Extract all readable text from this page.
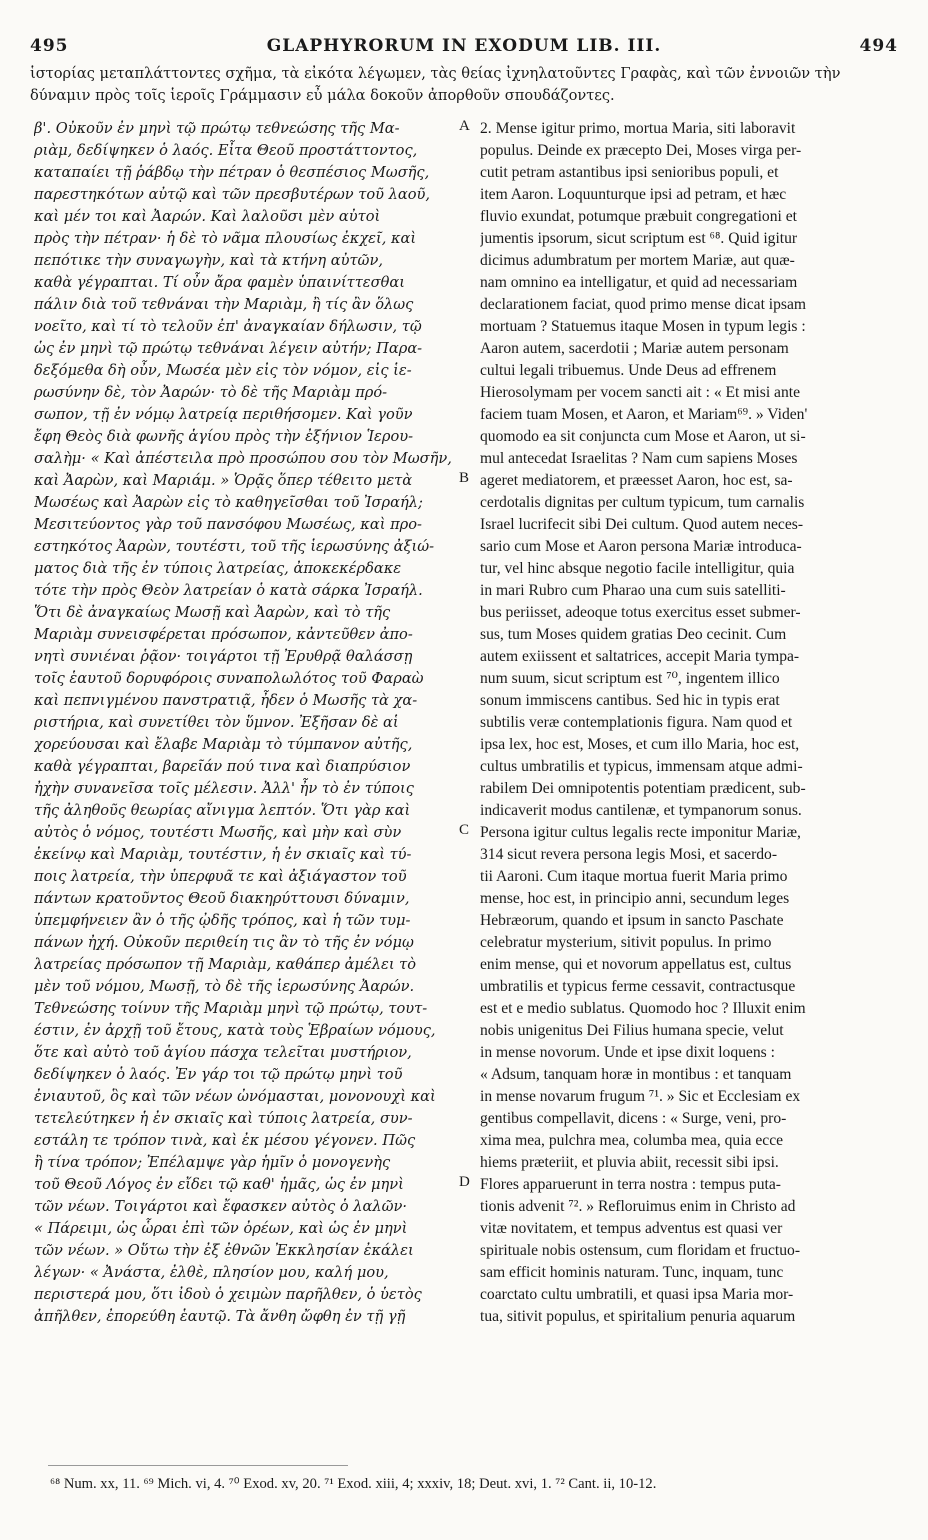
495	GLAPHYRORUM IN EXODUM LIB. III.	494
ἱστορίας μεταπλάττοντες σχῆμα, τὰ εἰκότα λέγωμεν, τὰς θείας ἰχνηλατοῦντες Γραφὰς, καὶ τῶν ἐννοιῶν τὴν
δύναμιν πρὸς τοῖς ἱεροῖς Γράμμασιν εὖ μάλα δοκοῦν ἀπορθοῦν σπουδάζοντες.
β'. Οὐκοῦν ἐν μηνὶ τῷ πρώτῳ τεθνεώσης τῆς Μα-
ριὰμ, δεδίψηκεν ὁ λαός. Εἶτα Θεοῦ προστάττοντος,
καταπαίει τῇ ῥάβδῳ τὴν πέτραν ὁ θεσπέσιος Μωσῆς,
παρεστηκότων αὐτῷ καὶ τῶν πρεσβυτέρων τοῦ λαοῦ,
καὶ μέν τοι καὶ Ἀαρών. Καὶ λαλοῦσι μὲν αὐτοὶ
πρὸς τὴν πέτραν· ἡ δὲ τὸ νᾶμα πλουσίως ἐκχεῖ, καὶ
πεπότικε τὴν συναγωγὴν, καὶ τὰ κτήνη αὐτῶν,
καθὰ γέγραπται. Τί οὖν ἄρα φαμὲν ὑπαινίττεσθαι
πάλιν διὰ τοῦ τεθνάναι τὴν Μαριὰμ, ἢ τίς ἂν ὅλως
νοεῖτο, καὶ τί τὸ τελοῦν ἐπ' ἀναγκαίαν δήλωσιν, τῷ
ὡς ἐν μηνὶ τῷ πρώτῳ τεθνάναι λέγειν αὐτήν; Παρα-
δεξόμεθα δὴ οὖν, Μωσέα μὲν εἰς τὸν νόμον, εἰς ἱε-
ρωσύνην δὲ, τὸν Ἀαρών· τὸ δὲ τῆς Μαριὰμ πρό-
σωπον, τῇ ἐν νόμῳ λατρείᾳ περιθήσομεν. Καὶ γοῦν
ἔφη Θεὸς διὰ φωνῆς ἁγίου πρὸς τὴν ἐξήνιον Ἱερου-
σαλὴμ· « Καὶ ἀπέστειλα πρὸ προσώπου σου τὸν Μωσῆν,
καὶ Ἀαρὼν, καὶ Μαριάμ. » Ὁρᾷς ὅπερ τέθειτο μετὰ
Μωσέως καὶ Ἀαρὼν εἰς τὸ καθηγεῖσθαι τοῦ Ἰσραήλ;
Μεσιτεύοντος γὰρ τοῦ πανσόφου Μωσέως, καὶ προ-
εστηκότος Ἀαρὼν, τουτέστι, τοῦ τῆς ἱερωσύνης ἀξιώ-
ματος διὰ τῆς ἐν τύποις λατρείας, ἀποκεκέρδακε
τότε τὴν πρὸς Θεὸν λατρείαν ὁ κατὰ σάρκα Ἰσραήλ.
Ὅτι δὲ ἀναγκαίως Μωσῇ καὶ Ἀαρὼν, καὶ τὸ τῆς
Μαριὰμ συνεισφέρεται πρόσωπον, κἀντεῦθεν ἀπο-
νητὶ συνιέναι ῥᾷον· τοιγάρτοι τῇ Ἐρυθρᾷ θαλάσσῃ
τοῖς ἑαυτοῦ δορυφόροις συναπολωλότος τοῦ Φαραὼ
καὶ πεπνιγμένου πανστρατιᾷ, ἦδεν ὁ Μωσῆς τὰ χα-
ριστήρια, καὶ συνετίθει τὸν ὕμνον. Ἐξῆσαν δὲ αἱ
χορεύουσαι καὶ ἔλαβε Μαριὰμ τὸ τύμπανον αὐτῆς,
καθὰ γέγραπται, βαρεῖάν πού τινα καὶ διαπρύσιον
ἠχὴν συνανεῖσα τοῖς μέλεσιν. Ἀλλ' ἦν τὸ ἐν τύποις
τῆς ἀληθοῦς θεωρίας αἴνιγμα λεπτόν. Ὅτι γὰρ καὶ
αὐτὸς ὁ νόμος, τουτέστι Μωσῆς, καὶ μὴν καὶ σὺν
ἐκείνῳ καὶ Μαριὰμ, τουτέστιν, ἡ ἐν σκιαῖς καὶ τύ-
ποις λατρεία, τὴν ὑπερφυᾶ τε καὶ ἀξιάγαστον τοῦ
πάντων κρατοῦντος Θεοῦ διακηρύττουσι δύναμιν,
ὑπεμφήνειεν ἂν ὁ τῆς ᾠδῆς τρόπος, καὶ ἡ τῶν τυμ-
πάνων ἠχή. Οὐκοῦν περιθείη τις ἂν τὸ τῆς ἐν νόμῳ
λατρείας πρόσωπον τῇ Μαριὰμ, καθάπερ ἀμέλει τὸ
μὲν τοῦ νόμου, Μωσῇ, τὸ δὲ τῆς ἱερωσύνης Ἀαρών.
Τεθνεώσης τοίνυν τῆς Μαριὰμ μηνὶ τῷ πρώτῳ, τουτ-
έστιν, ἐν ἀρχῇ τοῦ ἔτους, κατὰ τοὺς Ἑβραίων νόμους,
ὅτε καὶ αὐτὸ τοῦ ἁγίου πάσχα τελεῖται μυστήριον,
δεδίψηκεν ὁ λαός. Ἐν γάρ τοι τῷ πρώτῳ μηνὶ τοῦ
ἐνιαυτοῦ, ὃς καὶ τῶν νέων ὠνόμασται, μονονουχὶ καὶ
τετελεύτηκεν ἡ ἐν σκιαῖς καὶ τύποις λατρεία, συν-
εστάλη τε τρόπον τινὰ, καὶ ἐκ μέσου γέγονεν. Πῶς
ἢ τίνα τρόπον; Ἐπέλαμψε γὰρ ἡμῖν ὁ μονογενὴς
τοῦ Θεοῦ Λόγος ἐν εἴδει τῷ καθ' ἡμᾶς, ὡς ἐν μηνὶ
τῶν νέων. Τοιγάρτοι καὶ ἔφασκεν αὐτὸς ὁ λαλῶν·
« Πάρειμι, ὡς ὧραι ἐπὶ τῶν ὀρέων, καὶ ὡς ἐν μηνὶ
τῶν νέων. » Οὕτω τὴν ἐξ ἐθνῶν Ἐκκλησίαν ἐκάλει
λέγων· « Ἀνάστα, ἐλθὲ, πλησίον μου, καλή μου,
περιστερά μου, ὅτι ἰδοὺ ὁ χειμὼν παρῆλθεν, ὁ ὑετὸς
ἀπῆλθεν, ἐπορεύθη ἑαυτῷ. Τὰ ἄνθη ὤφθη ἐν τῇ γῇ
2. Mense igitur primo, mortua Maria, siti laboravit
populus. Deinde ex præcepto Dei, Moses virga per-
cutit petram astantibus ipsi senioribus populi, et
item Aaron. Loquunturque ipsi ad petram, et hæc
fluvio exundat, potumque præbuit congregationi et
jumentis ipsorum, sicut scriptum est ⁶⁸. Quid igitur
dicimus adumbratum per mortem Mariæ, aut quæ-
nam omnino ea intelligatur, et quid ad necessariam
declarationem faciat, quod primo mense dicat ipsam
mortuam ? Statuemus itaque Mosen in typum legis :
Aaron autem, sacerdotii ; Mariæ autem personam
cultui legali tribuemus. Unde Deus ad effrenem
Hierosolymam per vocem sancti ait : « Et misi ante
faciem tuam Mosen, et Aaron, et Mariam⁶⁹. » Viden'
quomodo ea sit conjuncta cum Mose et Aaron, ut si-
mul antecedat Israelitas ? Nam cum sapiens Moses
ageret mediatorem, et præesset Aaron, hoc est, sa-
cerdotalis dignitas per cultum typicum, tum carnalis
Israel lucrifecit sibi Dei cultum. Quod autem neces-
sario cum Mose et Aaron persona Mariæ introduca-
tur, vel hinc absque negotio facile intelligitur, quia
in mari Rubro cum Pharao una cum suis satelliti-
bus periisset, adeoque totus exercitus esset submer-
sus, tum Moses quidem gratias Deo cecinit. Cum
autem exiissent et saltatrices, accepit Maria tympa-
num suum, sicut scriptum est ⁷⁰, ingentem illico
sonum immiscens cantibus. Sed hic in typis erat
subtilis veræ contemplationis figura. Nam quod et
ipsa lex, hoc est, Moses, et cum illo Maria, hoc est,
cultus umbratilis et typicus, immensam atque admi-
rabilem Dei omnipotentis potentiam prædicent, sub-
indicaverit modus cantilenæ, et tympanorum sonus.
Persona igitur cultus legalis recte imponitur Mariæ,
314 sicut revera persona legis Mosi, et sacerdo-
tii Aaroni. Cum itaque mortua fuerit Maria primo
mense, hoc est, in principio anni, secundum leges
Hebræorum, quando et ipsum in sancto Paschate
celebratur mysterium, sitivit populus. In primo
enim mense, qui et novorum appellatus est, cultus
umbratilis et typicus ferme cessavit, contractusque
est et e medio sublatus. Quomodo hoc ? Illuxit enim
nobis unigenitus Dei Filius humana specie, velut
in mense novorum. Unde et ipse dixit loquens :
« Adsum, tanquam horæ in montibus : et tanquam
in mense novarum frugum ⁷¹. » Sic et Ecclesiam ex
gentibus compellavit, dicens : « Surge, veni, pro-
xima mea, pulchra mea, columba mea, quia ecce
hiems præteriit, et pluvia abiit, recessit sibi ipsi.
Flores apparuerunt in terra nostra : tempus puta-
tionis advenit ⁷². » Refloruimus enim in Christo ad
vitæ novitatem, et tempus adventus est quasi ver
spirituale nobis ostensum, cum floridam et fructuo-
sam efficit hominis naturam. Tunc, inquam, tunc
coarctato cultu umbratili, et quasi ipsa Maria mor-
tua, sitivit populus, et spiritalium penuria aquarum
A
B
C
D
⁶⁸ Num. xx, 11. ⁶⁹ Mich. vi, 4. ⁷⁰ Exod. xv, 20. ⁷¹ Exod. xiii, 4; xxxiv, 18; Deut. xvi, 1. ⁷² Cant. ii, 10-12.
